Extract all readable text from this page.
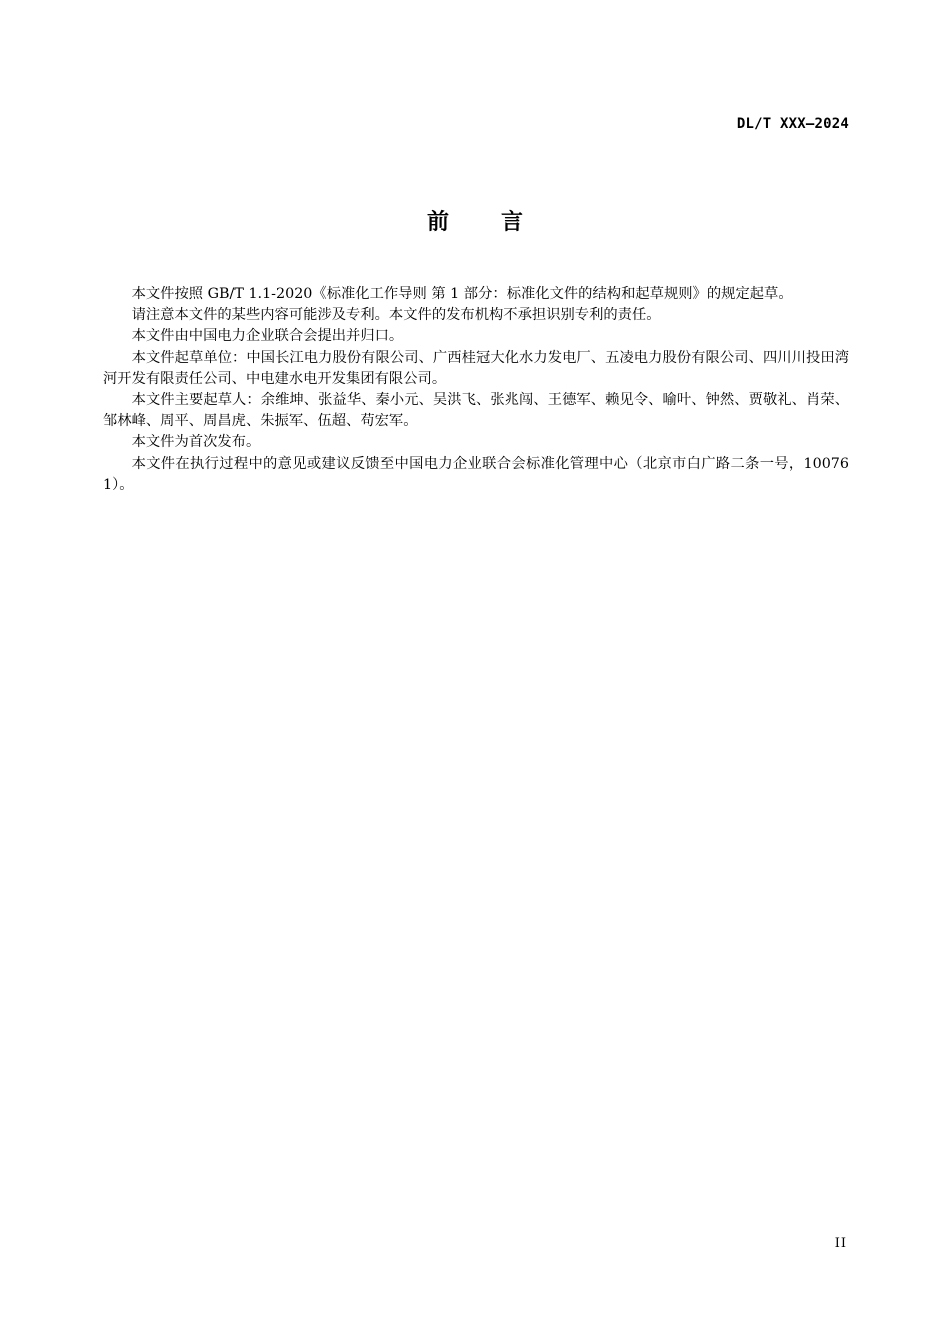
DL/T XXX—2024
前言

本文件按照 GB/T 1.1-2020《标准化工作导则 第 1 部分：标准化文件的结构和起草规则》的规定起草。

请注意本文件的某些内容可能涉及专利。本文件的发布机构不承担识别专利的责任。

本文件由中国电力企业联合会提出并归口。

本文件起草单位：中国长江电力股份有限公司、广西桂冠大化水力发电厂、五凌电力股份有限公司、四川川投田湾河开发有限责任公司、中电建水电开发集团有限公司。

本文件主要起草人：余维坤、张益华、秦小元、吴洪飞、张兆闯、王德军、赖见令、喻叶、钟然、贾敬礼、肖荣、邹林峰、周平、周昌虎、朱振军、伍超、苟宏军。

本文件为首次发布。

本文件在执行过程中的意见或建议反馈至中国电力企业联合会标准化管理中心（北京市白广路二条一号，100761）。

II
